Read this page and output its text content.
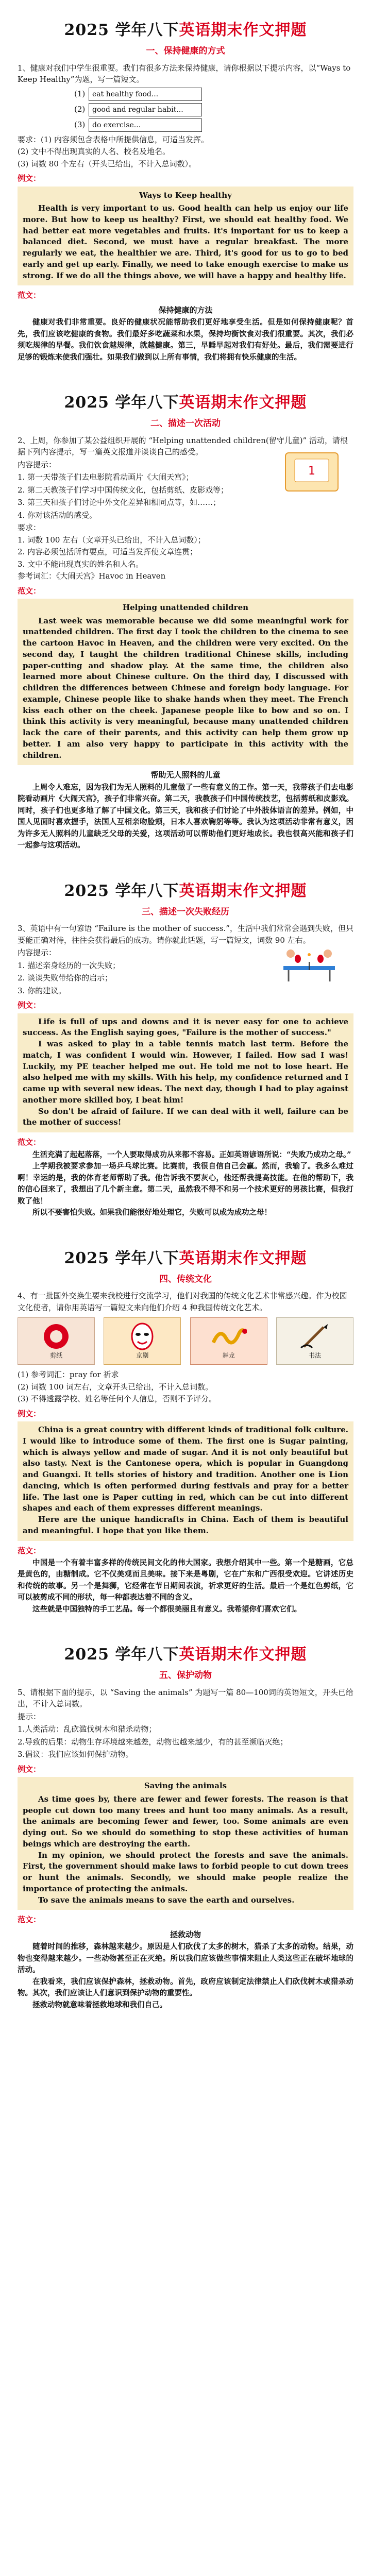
2025 学年八下英语期末作文押题
一、保持健康的方式

1、健康对我们中学生很重要。我们有很多方法来保持健康，请你根据以下提示内容，以“Ways to Keep Healthy”为题，写一篇短文。

(1) eat healthy food...
(2) good and regular habit...
(3) do exercise...

要求：(1) 内容须包含表格中所提供信息，可适当发挥。

(2) 文中不得出现真实的人名、校名及地名。

(3) 词数 80 个左右（开头已给出，不计入总词数）。

例文：
Ways to Keep healthy

Health is very important to us. Good health can help us enjoy our life more. But how to keep us healthy? First, we should eat healthy food. We had better eat more vegetables and fruits. It's important for us to keep a balanced diet. Second, we must have a regular breakfast. The more regularly we eat, the healthier we are. Third, it's good for us to go to bed early and get up early. Finally, we need to take enough exercise to make us strong. If we do all the things above, we will have a happy and healthy life.

范文：
保持健康的方法

健康对我们非常重要。良好的健康状况能帮助我们更好地享受生活。但是如何保持健康呢？首先，我们应该吃健康的食物。我们最好多吃蔬菜和水果，保持均衡饮食对我们很重要。其次，我们必须吃规律的早餐。我们饮食越规律，就越健康。第三，早睡早起对我们有好处。最后，我们需要进行足够的锻炼来使我们强壮。如果我们做到以上所有事情，我们将拥有快乐健康的生活。

2025 学年八下英语期末作文押题
二、描述一次活动
1

2、上周，你参加了某公益组织开展的 “Helping unattended children(留守儿童)” 活动，请根据下列内容提示，写一篇英文报道并谈谈自己的感受。

内容提示：

1. 第一天带孩子们去电影院看动画片《大闹天宫》；

2. 第二天教孩子们学习中国传统文化，包括剪纸、皮影戏等；

3. 第三天和孩子们讨论中外文化差异和相同点等，如……；

4. 你对该活动的感受。

要求：

1. 词数 100 左右（文章开头已给出，不计入总词数）；

2. 内容必须包括所有要点，可适当发挥使文章连贯；

3. 文中不能出现真实的姓名和人名。

参考词汇：《大闹天宫》Havoc in Heaven

范文：
Helping unattended children

Last week was memorable because we did some meaningful work for unattended children. The first day I took the children to the cinema to see the cartoon Havoc in Heaven, and the children were very excited. On the second day, I taught the children traditional Chinese skills, including paper-cutting and shadow play. At the same time, the children also learned more about Chinese culture. On the third day, I discussed with children the differences between Chinese and foreign body language. For example, Chinese people like to shake hands when they meet. The French kiss each other on the cheek. Japanese people like to bow and so on. I think this activity is very meaningful, because many unattended children lack the care of their parents, and this activity can help them grow up better. I am also very happy to participate in this activity with the children.

帮助无人照料的儿童

上周令人难忘，因为我们为无人照料的儿童做了一些有意义的工作。第一天，我带孩子们去电影院看动画片《大闹天宫》，孩子们非常兴奋。第二天，我教孩子们中国传统技艺，包括剪纸和皮影戏。同时，孩子们也更多地了解了中国文化。第三天，我和孩子们讨论了中外肢体语言的差异。例如，中国人见面时喜欢握手，法国人互相亲吻脸颊，日本人喜欢鞠躬等等。我认为这项活动非常有意义，因为许多无人照料的儿童缺乏父母的关爱，这项活动可以帮助他们更好地成长。我也很高兴能和孩子们一起参与这项活动。

2025 学年八下英语期末作文押题
三、描述一次失败经历

3、英语中有一句谚语 “Failure is the mother of success.”，生活中我们常常会遇到失败，但只要能正确对待，往往会获得最后的成功。请你就此话题，写一篇短文，词数 90 左右。

内容提示：

1. 描述亲身经历的一次失败；

2. 谈谈失败带给你的启示；

3. 你的建议。

例文：

Life is full of ups and downs and it is never easy for one to achieve success. As the English saying goes, "Failure is the mother of success."

I was asked to play in a table tennis match last term. Before the match, I was confident I would win. However, I failed. How sad I was! Luckily, my PE teacher helped me out. He told me not to lose heart. He also helped me with my skills. With his help, my confidence returned and I came up with several new ideas. The next day, though I had to play against another more skilled boy, I beat him!

So don't be afraid of failure. If we can deal with it well, failure can be the mother of success!

范文：

生活充满了起起落落，一个人要取得成功从来都不容易。正如英语谚语所说：“失败乃成功之母。”

上学期我被要求参加一场乒乓球比赛。比赛前，我很自信自己会赢。然而，我输了。我多么难过啊！幸运的是，我的体育老师帮助了我。他告诉我不要灰心，他还帮我提高技能。在他的帮助下，我的信心回来了，我想出了几个新主意。第二天，虽然我不得不和另一个技术更好的男孩比赛，但我打败了他！

所以不要害怕失败。如果我们能很好地处理它，失败可以成为成功之母！

2025 学年八下英语期末作文押题
四、传统文化

4、有一批国外交换生要来我校进行交流学习，他们对我国的传统文化艺术非常感兴趣。作为校园文化使者，请你用英语写一篇短文来向他们介绍 4 种我国传统文化艺术。

剪纸	京剧	舞龙	书法

(1) 参考词汇：pray for 祈求

(2) 词数 100 词左右，文章开头已给出，不计入总词数。

(3) 不得透露学校、姓名等任何个人信息，否则不予评分。

例文：

China is a great country with different kinds of traditional folk culture. I would like to introduce some of them. The first one is Sugar painting, which is always yellow and made of sugar. And it is not only beautiful but also tasty. Next is the Cantonese opera, which is popular in Guangdong and Guangxi. It tells stories of history and tradition. Another one is Lion dancing, which is often performed during festivals and pray for a better life. The last one is Paper cutting in red, which can be cut into different shapes and each of them expresses different meanings.

Here are the unique handicrafts in China. Each of them is beautiful and meaningful. I hope that you like them.

范文：

中国是一个有着丰富多样的传统民间文化的伟大国家。我想介绍其中一些。第一个是糖画，它总是黄色的，由糖制成。它不仅美观而且美味。接下来是粤剧，它在广东和广西很受欢迎。它讲述历史和传统的故事。另一个是舞狮，它经常在节日期间表演，祈求更好的生活。最后一个是红色剪纸，它可以被剪成不同的形状，每一种都表达着不同的含义。

这些就是中国独特的手工艺品。每一个都很美丽且有意义。我希望你们喜欢它们。

2025 学年八下英语期末作文押题
五、保护动物

5、请根据下面的提示，以 “Saving the animals” 为题写一篇 80—100词的英语短文，开头已给出，不计入总词数。

提示：

1.人类活动：乱砍滥伐树木和猎杀动物；

2.导致的后果：动物生存环境越来越差，动物也越来越少，有的甚至濒临灭绝；

3.倡议：我们应该如何保护动物。

例文：
Saving the animals

As time goes by, there are fewer and fewer forests. The reason is that people cut down too many trees and hunt too many animals. As a result, the animals are becoming fewer and fewer, too. Some animals are even dying out. So we should do something to stop these activities of human beings which are destroying the earth.

In my opinion, we should protect the forests and save the animals. First, the government should make laws to forbid people to cut down trees or hunt the animals. Secondly, we should make people realize the importance of protecting the animals.

To save the animals means to save the earth and ourselves.

范文：
拯救动物

随着时间的推移，森林越来越少。原因是人们砍伐了太多的树木，猎杀了太多的动物。结果，动物也变得越来越少。一些动物甚至正在灭绝。所以我们应该做些事情来阻止人类这些正在破坏地球的活动。

在我看来，我们应该保护森林，拯救动物。首先，政府应该制定法律禁止人们砍伐树木或猎杀动物。其次，我们应该让人们意识到保护动物的重要性。

拯救动物就意味着拯救地球和我们自己。
